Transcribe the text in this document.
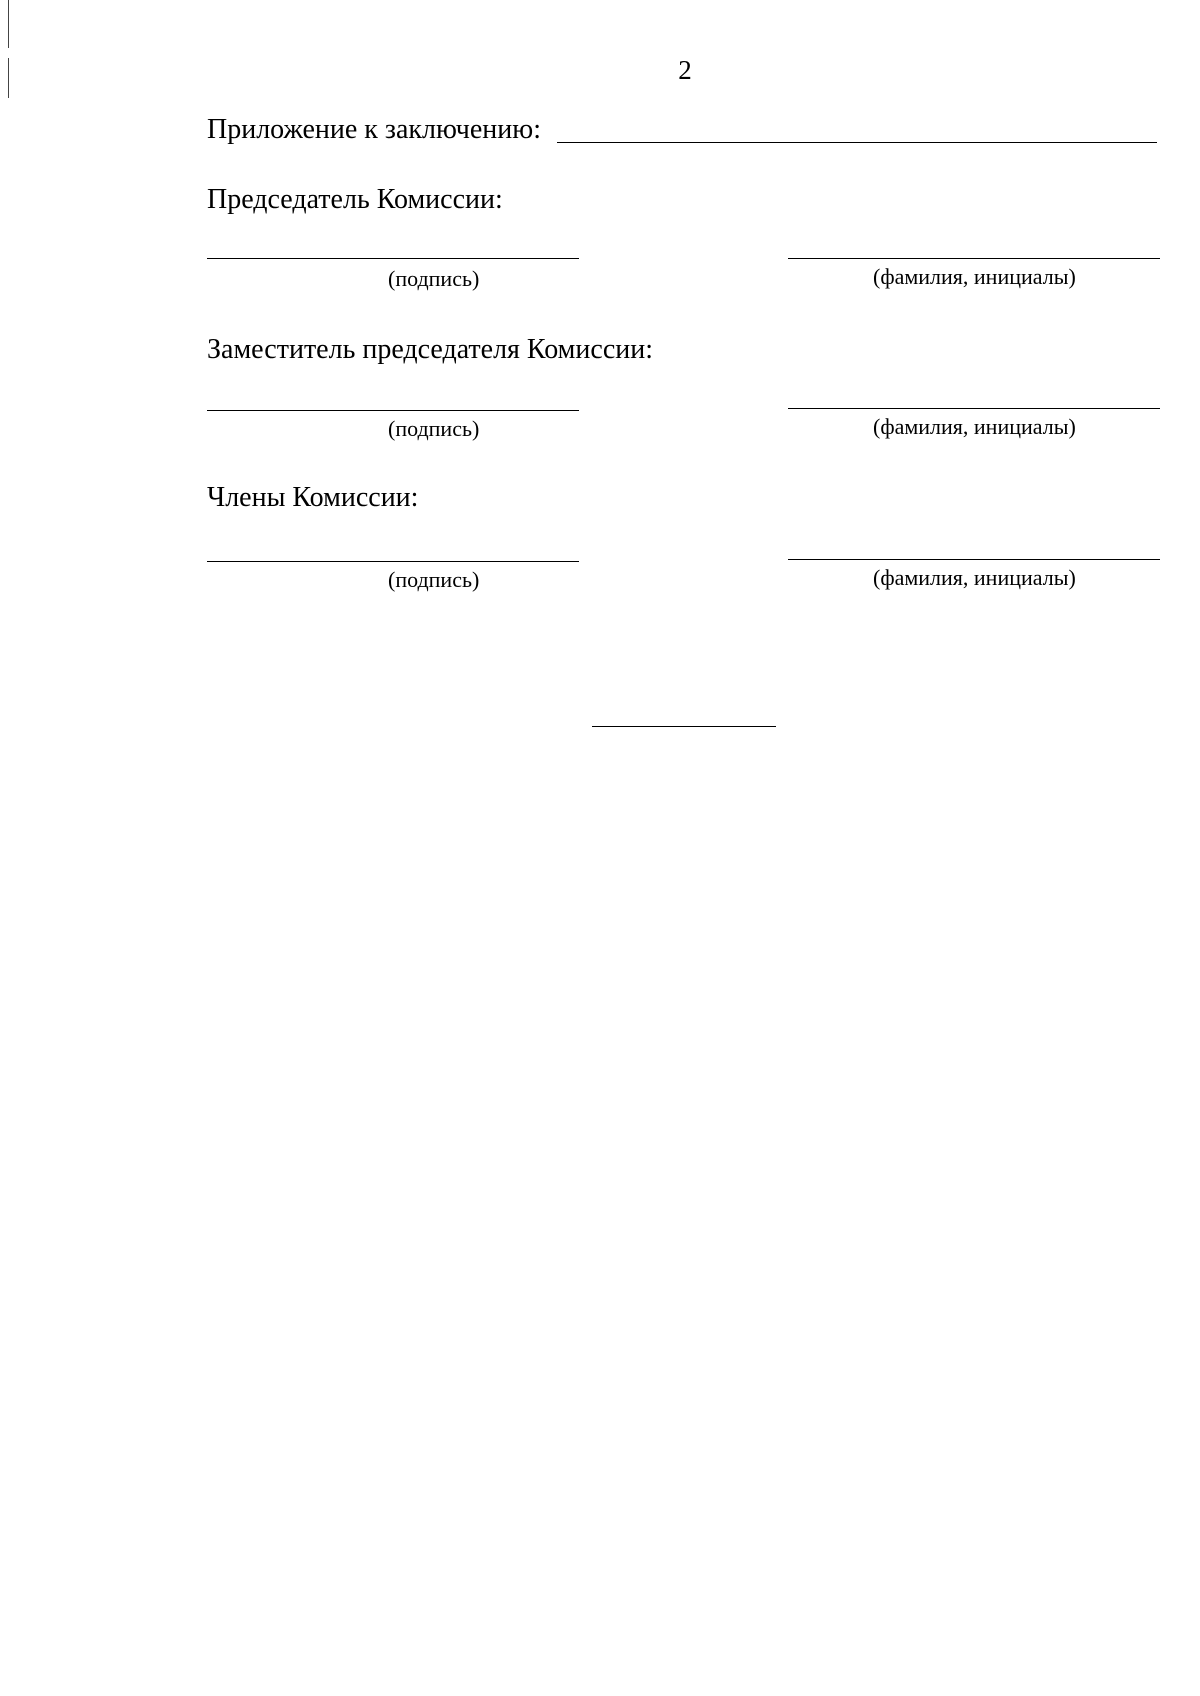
2
Приложение к заключению:
Председатель Комиссии:
(подпись)	(фамилия, инициалы)
Заместитель председателя Комиссии:
(подпись)	(фамилия, инициалы)
Члены Комиссии:
(подпись)	(фамилия, инициалы)
